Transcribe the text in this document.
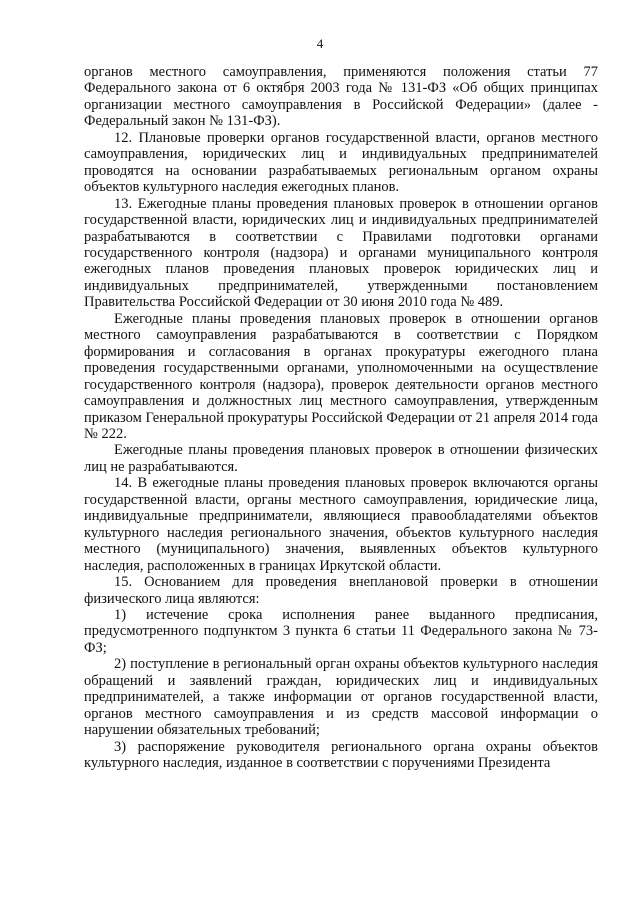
4

органов местного самоуправления, применяются положения статьи 77 Федерального закона от 6 октября 2003 года № 131-ФЗ «Об общих принципах организации местного самоуправления в Российской Федерации» (далее - Федеральный закон № 131-ФЗ).

12. Плановые проверки органов государственной власти, органов местного самоуправления, юридических лиц и индивидуальных предпринимателей проводятся на основании разрабатываемых региональным органом охраны объектов культурного наследия ежегодных планов.

13. Ежегодные планы проведения плановых проверок в отношении органов государственной власти, юридических лиц и индивидуальных предпринимателей разрабатываются в соответствии с Правилами подготовки органами государственного контроля (надзора) и органами муниципального контроля ежегодных планов проведения плановых проверок юридических лиц и индивидуальных предпринимателей, утвержденными постановлением Правительства Российской Федерации от 30 июня 2010 года № 489.

Ежегодные планы проведения плановых проверок в отношении органов местного самоуправления разрабатываются в соответствии с Порядком формирования и согласования в органах прокуратуры ежегодного плана проведения государственными органами, уполномоченными на осуществление государственного контроля (надзора), проверок деятельности органов местного самоуправления и должностных лиц местного самоуправления, утвержденным приказом Генеральной прокуратуры Российской Федерации от 21 апреля 2014 года № 222.

Ежегодные планы проведения плановых проверок в отношении физических лиц не разрабатываются.

14. В ежегодные планы проведения плановых проверок включаются органы государственной власти, органы местного самоуправления, юридические лица, индивидуальные предприниматели, являющиеся правообладателями объектов культурного наследия регионального значения, объектов культурного наследия местного (муниципального) значения, выявленных объектов культурного наследия, расположенных в границах Иркутской области.

15. Основанием для проведения внеплановой проверки в отношении физического лица являются:

1) истечение срока исполнения ранее выданного предписания, предусмотренного подпунктом 3 пункта 6 статьи 11 Федерального закона № 73-ФЗ;

2) поступление в региональный орган охраны объектов культурного наследия обращений и заявлений граждан, юридических лиц и индивидуальных предпринимателей, а также информации от органов государственной власти, органов местного самоуправления и из средств массовой информации о нарушении обязательных требований;

3) распоряжение руководителя регионального органа охраны объектов культурного наследия, изданное в соответствии с поручениями Президента
